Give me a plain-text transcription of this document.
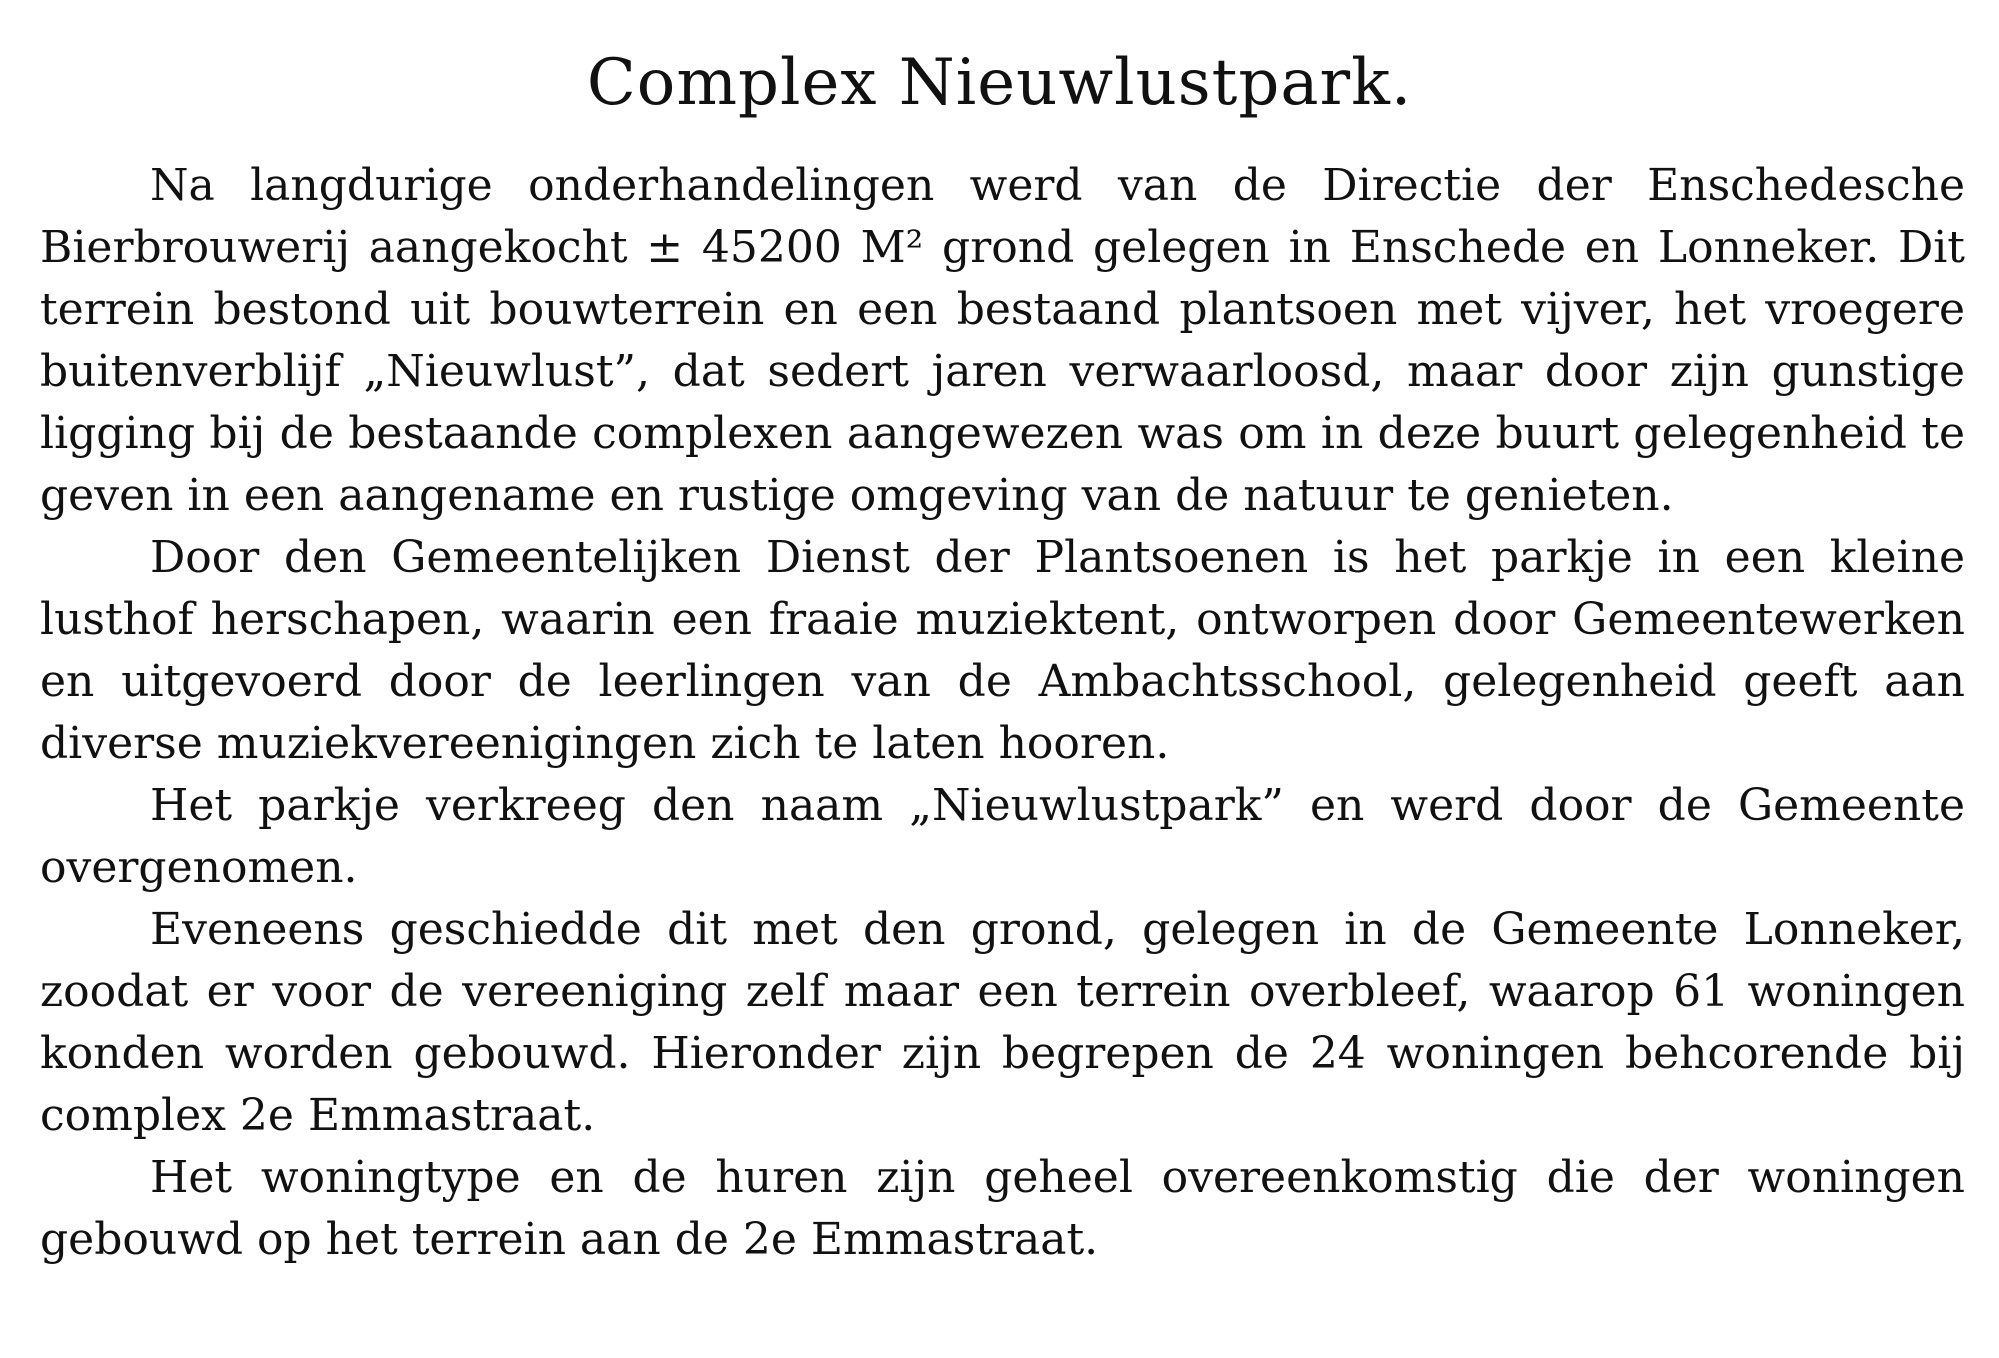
Complex Nieuwlustpark.

Na langdurige onderhandelingen werd van de Directie der Enschedesche Bierbrouwerij aangekocht ± 45200 M² grond gelegen in Enschede en Lonneker. Dit terrein bestond uit bouwterrein en een bestaand plantsoen met vijver, het vroegere buitenverblijf „Nieuwlust”, dat sedert jaren verwaarloosd, maar door zijn gunstige ligging bij de bestaande complexen aangewezen was om in deze buurt gelegenheid te geven in een aangename en rustige omgeving van de natuur te genieten.

Door den Gemeentelijken Dienst der Plantsoenen is het parkje in een kleine lusthof herschapen, waarin een fraaie muziektent, ontworpen door Gemeentewerken en uitgevoerd door de leerlingen van de Ambachtsschool, gelegenheid geeft aan diverse muziekvereenigingen zich te laten hooren.

Het parkje verkreeg den naam „Nieuwlustpark” en werd door de Gemeente overgenomen.

Eveneens geschiedde dit met den grond, gelegen in de Gemeente Lonneker, zoodat er voor de vereeniging zelf maar een terrein overbleef, waarop 61 woningen konden worden gebouwd. Hieronder zijn begrepen de 24 woningen behcorende bij complex 2e Emmastraat.

Het woningtype en de huren zijn geheel overeenkomstig die der woningen gebouwd op het terrein aan de 2e Emmastraat.
